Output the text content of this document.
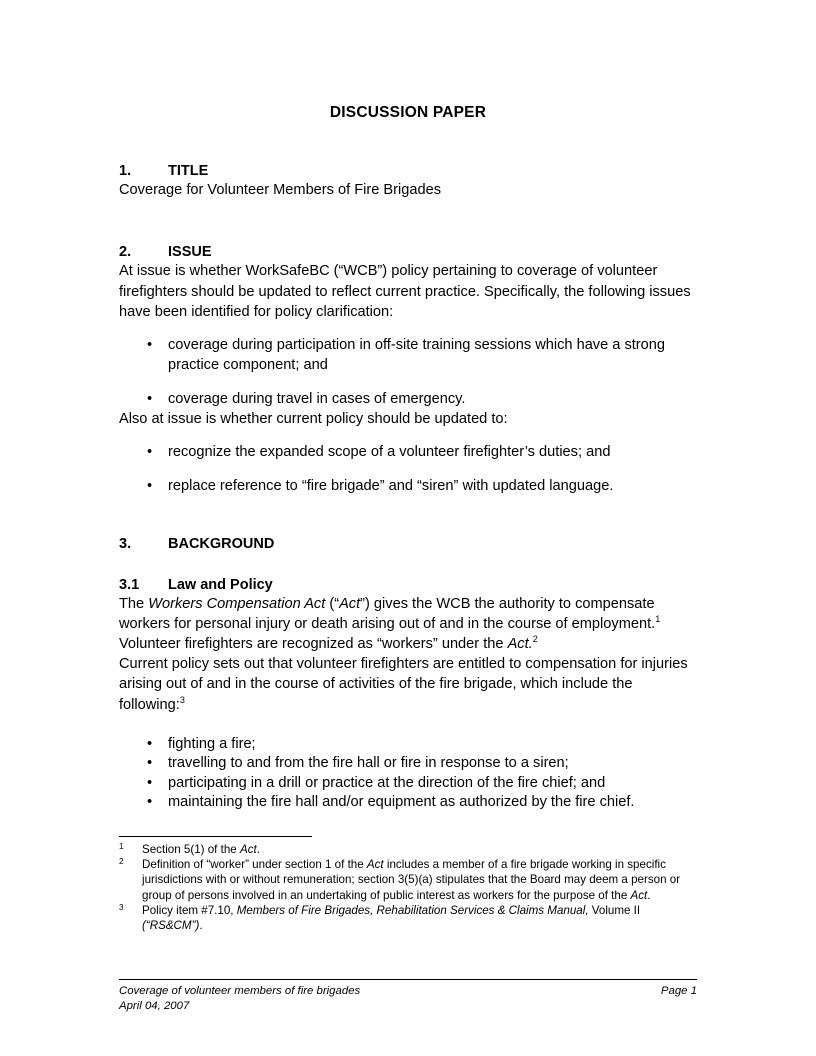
DISCUSSION PAPER
1.	TITLE

Coverage for Volunteer Members of Fire Brigades

2.	ISSUE

At issue is whether WorkSafeBC (“WCB”) policy pertaining to coverage of volunteer firefighters should be updated to reflect current practice. Specifically, the following issues have been identified for policy clarification:

• coverage during participation in off-site training sessions which have a strong practice component; and
• coverage during travel in cases of emergency.

Also at issue is whether current policy should be updated to:

• recognize the expanded scope of a volunteer firefighter’s duties; and
• replace reference to “fire brigade” and “siren” with updated language.
3.	BACKGROUND
3.1 Law and Policy

The Workers Compensation Act (“Act”) gives the WCB the authority to compensate workers for personal injury or death arising out of and in the course of employment.$^1$ Volunteer firefighters are recognized as “workers” under the Act.$^2$

Current policy sets out that volunteer firefighters are entitled to compensation for injuries arising out of and in the course of activities of the fire brigade, which include the following:$^3$

• fighting a fire;
• travelling to and from the fire hall or fire in response to a siren;
• participating in a drill or practice at the direction of the fire chief; and
• maintaining the fire hall and/or equipment as authorized by the fire chief.

1 Section 5(1) of the Act.

2 Definition of “worker” under section 1 of the Act includes a member of a fire brigade working in specific jurisdictions with or without remuneration; section 3(5)(a) stipulates that the Board may deem a person or group of persons involved in an undertaking of public interest as workers for the purpose of the Act.

3 Policy item #7.10, Members of Fire Brigades, Rehabilitation Services & Claims Manual, Volume II (“RS&CM”).

Coverage of volunteer members of fire brigades	Page 1
April 04, 2007
